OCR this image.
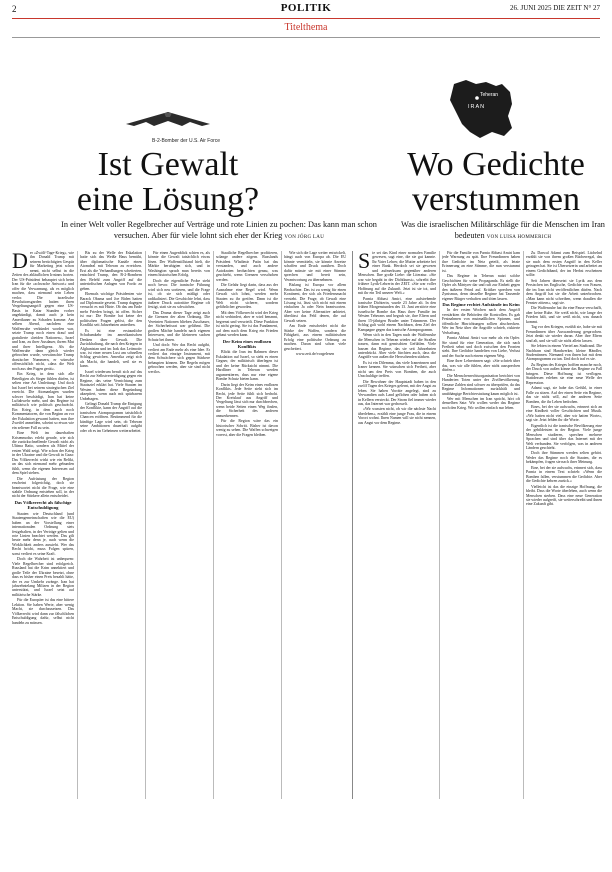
2	POLITIK	26. JUNI 2025 DIE ZEIT N° 27
Titelthema
B-2-Bomber der U.S. Air Force
Teheran
IRAN
Ist Gewalt
eine Lösung?
Wo Gedichte
verstummen
In einer Welt voller Regelbrecher auf Verträge und rote Linien zu pochen: Das kann man schon versuchen. Aber für viele lohnt sich eher der Krieg VON JÖRG LAU
Was die israelischen Militärschläge für die Menschen im Iran bedeuten VON LUISA HOMMERICH

Der »Zwölf-Tage-Krieg«, wie ihn Donald Trump mit seinem berüchtigten Gespür für Marketing jetzt schon nennt, nicht selbst in die Zeiten des abläuflichen Irrsinns horten. Der US-Präsident behauptet sich beim Iran für die »schwache Antwort« und offer die Verwarnung, als es möglich machen, dass niemand sein Leben verlor. Die israelische Revolutionsgarden hatten ihren Vergeltungsangriff gegen eine US-Basis in Katar Stunden vorher angekündigt, damit auch ja kein Amerikaner zu Schaden komme. Am selben Abend, nachdem eine Waffenruhe verkündet worden war, setzte Trump noch einen drauf und gratulierte »beiden Nationen«, Israel und Iran, zu ihrer Ausdauer, ihrem Mut und ihrer Intelligenz. Als die Waffenruhe dann gleich wieder gebrochen wurde, verwünschte Trump drastischer Nummern, er wünsche offensichtlich nicht, »dass die Welt noch aus den Fugen gerät«.

Ein Krieg, in dem sich alle Beteiligten als Sieger fühlen dürfen, ist selten eine Art Umleitung: Und doch hat Israel bei seinem strategischen Ziel erreicht. Die Atomanlagen wurden schwer beschädigt, Iran hat keine Luftabwehr mehr, und das Regime ist militärisch wie politisch geschwächt. Ein Krieg, in dem auch noch Kommentatoren, die von Beginn an vor der Eskalation gewarnt hatten, nun ihre Zweifel anmelden, scheint so etwas wie ein seltener Fall zu sein.

Eine Welt im dauerhaften Krisenmodus erlebt gerade, wie sich die zurückschnellende Gewalt nicht als Ultima Ratio, sondern als Mittel der ersten Wahl zeigt. Wie schon der Krieg in der Ukraine und die Gewalt in Gaza: Das Völkerrecht wirkt wie ein Relikt, an das sich niemand mehr gebunden fühlt, wenn die eigenen Interessen auf dem Spiel stehen.

Die Aufrüstung der Region erscheint folgerichtig, doch sie beantwortet nicht die Frage, wie eine stabile Ordnung entstehen soll, in der nicht der Stärkere allein entscheidet.

Das Völkerrecht als fälschige Entschuldigung

Staaten wie Deutschland (und Staatengemeinschaften wie die EU) haben an der Vorstellung einer internationalen Ordnung stets festgehalten, in der Verträge gelten und rote Linien beachtet werden. Das gilt heute mehr denn je, auch wenn die Wirklichkeit anders aussieht. Wer das Recht bricht, muss Folgen spüren, sonst verliert es seine Kraft.

Doch die Wahrheit ist unbequem: Viele Regelbrecher sind erfolgreich. Russland hat die Krim annektiert und große Teile der Ukraine besetzt, ohne dass es bisher einen Preis bezahlt hätte, der es zur Umkehr zwänge. Iran hat jahrzehntelang Milizen in der Region unterstützt, und Israel setzt auf militärische Stärke.

Für die Europäer ist das eine bittere Lektion. Sie haben Werte, aber wenig Macht, sie durchzusetzen. Das Völkerrecht wird dann zur fälschlichen Entschuldigung dafür, selbst nicht handeln zu müssen.

Bis zu der Welle der Eskalation hatte sich das Weiße Haus bemüht, über diplomatische Kanäle einen Atomdeal mit Teheran zu erreichen. Erst als die Verhandlungen scheiterten, entschied Trump, den B-2-Bombern den Befehl zum Angriff auf die unterirdischen Anlagen von Fordo zu geben.

Ehemals wichtige Präsidenten wie Barack Obama und Joe Biden hatten auf Diplomatie gesetzt. Trump dagegen versucht es mit Härte. Ob das am Ende mehr Frieden bringt, ist offen. Sicher ist nur: Die Bombe hat keine der politischen Fragen gelöst, die den Konflikt seit Jahrzehnten antreiben.

Es ist eine erstaunliche Schubumkehr im amerikanischen Denken über Gewalt. Die Zurückhaltung, die nach den Kriegen in Afghanistan und im Irak das Leitmotiv war, ist einer neuen Lust am schnellen Schlag gewichen. Amerika zeigt sich als Macht, die handelt, weil sie es kann.

Israel wiederum beruft sich auf das Recht zur Selbstverteidigung gegen ein Regime, das seine Vernichtung zum Staatsziel erklärt hat. Viele Staaten im Westen haben diese Begründung akzeptiert, wenn auch mit spürbarem Unbehagen.

Gelingt Donald Trump die Einigung der Konflikte, kann der Angriff auf die iranischen Atomprogramm tatsächlich Chancen eröffnen. Bestimmend für die künftige Lage wird sein, ob Teheran seine Ambitionen dauerhaft aufgibt oder ob es im Geheimen weiterarbeitet.

Für einen Augenblick schien es, als könnte die Gewalt tatsächlich etwas lösen. Der Waffenstillstand hielt, die Märkte beruhigten sich, und in Washington sprach man bereits von einem historischen Erfolg.

Doch die eigentliche Probe steht noch bevor. Die iranische Führung wird sich neu sortieren, und die Frage ist, ob sie sich mäßigt oder radikalisiert. Die Geschichte lehrt, dass äußerer Druck autoritäre Regime oft festigt, statt sie zu schwächen.

Das Drama dieser Tage zeigt auch die Grenzen der alten Ordnung. Die Vereinten Nationen blieben Zuschauer, der Sicherheitsrat war gelähmt. Die großen Mächte handeln nach eigenen Interessen, und die kleineren suchen Schutz bei ihnen.

Und doch: Wer das Recht aufgibt, verliert am Ende mehr als eine Idee. Er verliert das einzige Instrument, mit dem Schwächere sich gegen Stärkere behaupten können. Die Regeln mögen gebrochen werden, aber sie sind nicht wertlos.

Staatliche Regelbrecher profitieren, solange andere zögern. Russlands Präsident Wladimir Putin hat das verstanden, und auch andere Autokraten beobachten genau, was geschieht, wenn Grenzen verschoben werden.

Die Gefahr liegt darin, dass aus der Ausnahme eine Regel wird. Wenn Gewalt sich lohnt, werden mehr Staaten zu ihr greifen. Dann ist die Welt nicht sicherer, sondern gefährlicher geworden.

Mit dem Völkerrecht wird der Krieg nicht verhindert, aber er wird benannt, begrenzt und verurteilt. Diese Funktion ist nicht gering. Sie ist das Fundament, auf dem nach dem Krieg ein Frieden gebaut werden kann.

Der Keim eines endlosen Konflikts

Blickt die Iran im Rahmen dieser Eskalation auf Israel, so sieht es einen Gegner, der militärisch überlegen ist und der keine Rücksicht nimmt. Die Hardliner in Teheran werden argumentieren, dass nur eine eigene Bombe Schutz bieten kann.

Darin liegt der Keim eines endlosen Konflikts. Jede Seite sieht sich im Recht, jede Seite fühlt sich bedroht. Der Kreislauf aus Angriff und Vergeltung lässt sich nur durchbrechen, wenn beide Seiten einen Weg finden, die Sicherheit des anderen anzuerkennen.

Für die Region wäre das ein historischer Schritt. Bisher ist davon wenig zu sehen. Die Waffen schweigen vorerst, aber die Fragen bleiben.

Wie sich die Lage weiter entwickelt, hängt auch von Europa ab. Die EU könnte vermitteln, sie könnte Anreize schaffen und Druck ausüben. Doch dafür müsste sie mit einer Stimme sprechen und bereit sein, Verantwortung zu übernehmen.

Bislang ist Europa vor allem Beobachter. Das ist zu wenig für einen Kontinent, der sich als Friedensmacht versteht. Die Frage, ob Gewalt eine Lösung ist, lässt sich nicht mit einem einfachen Ja oder Nein beantworten. Aber wer keine Alternative anbietet, überlässt das Feld denen, die auf Gewalt setzen.

Am Ende entscheidet nicht die Stärke der Waffen, sondern die Fähigkeit, aus einem militärischen Erfolg eine politische Ordnung zu machen. Daran sind schon viele gescheitert.

www.zeit.de/vorgelesen

Sie sei das Kind einer normalen Familie gewesen, sagt eine, die sie gut kannte. Ihr Vater Lehrer, die Mutter arbeitete bei einer Bank. Herdoch sei sie gewesen und aufmerksam gegenüber anderen Menschen. Ihre große Liebe: die Literatur. »Sie war wie begabt in der Dichtkunst«, schreibt ihre frühere Lyrik-Lehrerin der ZEIT. »Sie war voller Hoffnung auf die Zukunft. Jetzt ist sie tot, und mit ihr ein Teil unserer Welt.«

Parnia Abbasi Amiri, eine aufstrebende iranische Dichterin, wurde 23 Jahre alt. In den frühen Morgenstunden des 13. Juni zerstörte eine israelische Bombe das Haus ihrer Familie im Westen Teherans und begrub sie, ihre Eltern und ihren 15-jährigen Bruder unter Trümmern. Der Schlag galt wohl einem Nachbarn, dem Ziel der Kampagne gegen das iranische Atomprogramm.

Wenn sich in den Tagen nach der Waffenruhe die Menschen in Teheran wieder auf die Straßen trauen, dann mit gemischten Gefühlen. Viele hassen das Regime, das sie seit Jahrzehnten unterdrückt. Aber viele fürchten auch, dass die Angriffe von außen die Herrschenden stärken.

Es ist ein Dilemma, das viele Iranerinnen und Iraner kennen. Sie wünschen sich Freiheit, aber nicht um den Preis von Bomben, die auch Unschuldige treffen.

Die Bewohner der Hauptstadt haben in den zwölf Tagen des Krieges gelernt, mit der Angst zu leben. Sie haben Vorräte angelegt, sind zu Verwandten aufs Land geflohen oder haben sich in Kellern versteckt. Der Strom fiel immer wieder aus, das Internet war gedrosselt.

»Wir wussten nicht, ob wir die nächste Nacht überleben«, erzählt eine junge Frau, die in einem Vorort wohnt. Ihren Namen will sie nicht nennen, aus Angst vor dem Regime.

Für die Familie von Parnia Abbasi Amiri kam jede Warnung zu spät. Ihre Freundinnen haben ihre Gedichte im Netz geteilt, als letzte Erinnerung an eine Stimme, die nun verstummt ist.

Das Regime in Teheran nutzt solche Geschichten für seine Propaganda. Es stellt die Opfer als Märtyrer dar und ruft zur Einheit gegen den äußeren Feind auf. Kritiker sprechen von Zynismus, denn dasselbe Regime hat Tausende eigener Bürger verhaften und töten lassen.

Das Regime rechtet Aufstände im Keim

In der ersten Wochen nach dem Angriff verstärkten die Behörden die Kontrollen. Es gab Festnahmen von mutmaßlichen Spionen, und öffentliche Hinrichtungen sollten abschrecken. Wer im Netz über die Angriffe schrieb, riskierte Verhaftung.

Parnia Abbasi Amiri war mehr als ein Opfer. Sie stand für eine Generation, die sich nach Freiheit sehnt und doch zwischen den Fronten steht. Ihre Gedichte handelten von Liebe, Verlust und der Suche nach einem eigenen Weg.

Eine ihrer Lehrerinnen sagt: »Sie schrieb über das, was wir alle fühlen, aber nicht aussprechen dürfen.«

Die Menschenrechtsorganisation berichtet von Hunderten Toten unter der Zivilbevölkerung. Genaue Zahlen sind schwer zu überprüfen, da das Regime Informationen zurückhält und unabhängige Berichterstattung kaum möglich ist.

Wer mit Menschen im Iran spricht, hört oft denselben Satz: Wir wollen weder das Regime noch den Krieg. Wir wollen einfach nur leben.

Zu Darwal Adami zum Beispiel. Lächelnd erzählt sie von ihrem großen Bücherregal, das sie nach dem ersten Angriff in den Keller getragen hat. Sie ist Übersetzerin und arbeitet an einem Gedichtband, der im Herbst erscheinen sollte.

Seit Jahren übersetzt sie Lyrik aus dem Persischen ins Englische, Gedichte von Frauen, die im Iran nicht veröffentlichen dürfen. Nach dem Angriff hat sie die Arbeit unterbrochen. »Man kann nicht schreiben, wenn draußen die Fenster zittern«, sagt sie.

Die Waffenruhe hat ihr eine Pause verschafft, aber keine Ruhe. Sie weiß nicht, wie lange der Frieden hält, und sie weiß nicht, was danach kommt.

Tag vor den Kriegen, erzählt sie, habe sie mit Freundinnen über Auswanderung gesprochen. Jetzt denkt sie wieder daran. Aber ihre Eltern sind alt, und sie will sie nicht allein lassen.

Sie lebten in einem Viertel am Stadtrand. Die Nachbarn sind Handwerker, kleine Händler, Studentinnen. Niemand von ihnen hat mit dem Atomprogramm zu tun. Und doch traf es sie.

Zu Beginn des Krieges hofften manche noch, der Druck von außen könne das Regime zu Fall bringen. Diese Hoffnung ist verflogen. Stattdessen erleben sie eine neue Welle der Repression.

Adami sagt, sie habe das Gefühl, in einer Falle zu sitzen. Auf der einen Seite ein Regime, das sie nicht will, auf der anderen Seite Bomben, die ihr Leben bedrohen.

Eines, bei der sie aufwuchs, erinnert sich an eine Kindheit voller Geschichten und Musik. »Wir hatten nicht viel, aber wir hatten Worte«, sagt sie. Jetzt fehlen ihr die Worte.

Eigentlich ist die iranische Bevölkerung eine der gebildetsten in der Region. Viele junge Menschen studieren, sprechen mehrere Sprachen und sind über das Internet mit der Welt verbunden. Sie verfolgen, was in anderen Ländern geschieht.

Doch ihre Stimmen werden selten gehört. Weder das Regime noch die Staaten, die es bekämpfen, fragen sie nach ihrer Meinung.

Eine, bei der sie aufwuchs, erinnert sich, dass Parnia in einem Text schrieb: »Wenn die Bomben fallen, verstummen die Gedichte. Aber die Gedichte kehren zurück.«

Vielleicht ist das die einzige Hoffnung, die bleibt. Dass die Worte überleben, auch wenn die Menschen sterben. Dass eine neue Generation sie wieder aufgreift, sie weiterschreibt und ihnen eine Zukunft gibt.
